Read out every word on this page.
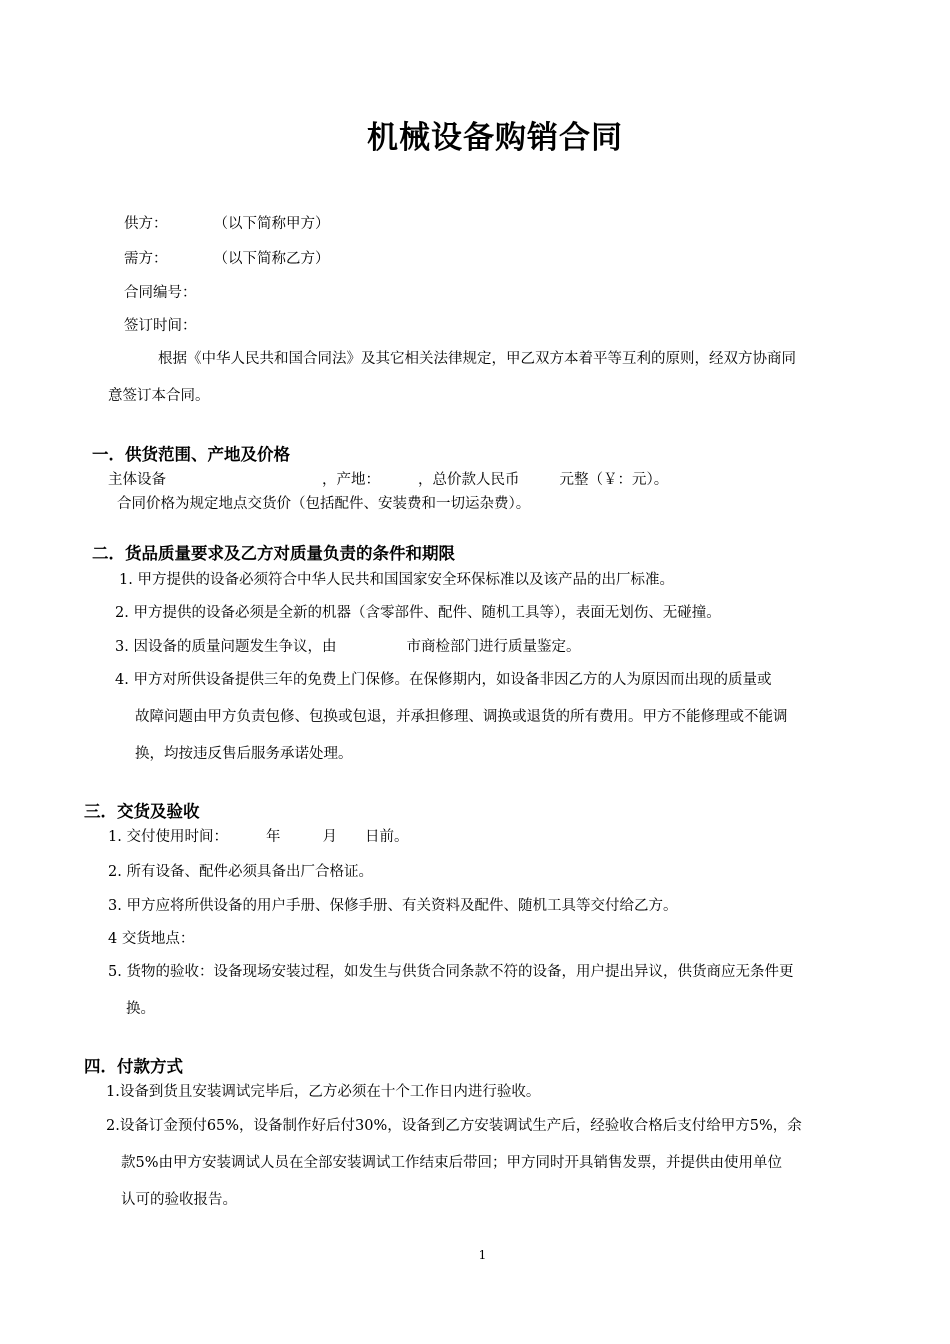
机械设备购销合同
供方：	（以下简称甲方）
需方：	（以下简称乙方）
合同编号：
签订时间：
根据《中华人民共和国合同法》及其它相关法律规定，甲乙双方本着平等互利的原则，经双方协商同
意签订本合同。
一．供货范围、产地及价格
主体设备	，产地：	，总价款人民币	元整（￥：元）。
合同价格为规定地点交货价（包括配件、安装费和一切运杂费）。
二．货品质量要求及乙方对质量负责的条件和期限
1. 甲方提供的设备必须符合中华人民共和国国家安全环保标准以及该产品的出厂标准。
2. 甲方提供的设备必须是全新的机器（含零部件、配件、随机工具等），表面无划伤、无碰撞。
3. 因设备的质量问题发生争议，由	市商检部门进行质量鉴定。
4. 甲方对所供设备提供三年的免费上门保修。在保修期内，如设备非因乙方的人为原因而出现的质量或
故障问题由甲方负责包修、包换或包退，并承担修理、调换或退货的所有费用。甲方不能修理或不能调
换，均按违反售后服务承诺处理。
三．交货及验收
1. 交付使用时间：	年	月 日前。
2. 所有设备、配件必须具备出厂合格证。
3. 甲方应将所供设备的用户手册、保修手册、有关资料及配件、随机工具等交付给乙方。
4 交货地点：
5. 货物的验收：设备现场安装过程，如发生与供货合同条款不符的设备，用户提出异议，供货商应无条件更
换。
四．付款方式
1.设备到货且安装调试完毕后，乙方必须在十个工作日内进行验收。
2.设备订金预付65%，设备制作好后付30%，设备到乙方安装调试生产后，经验收合格后支付给甲方5%，余
款5%由甲方安装调试人员在全部安装调试工作结束后带回；甲方同时开具销售发票，并提供由使用单位
认可的验收报告。
1
